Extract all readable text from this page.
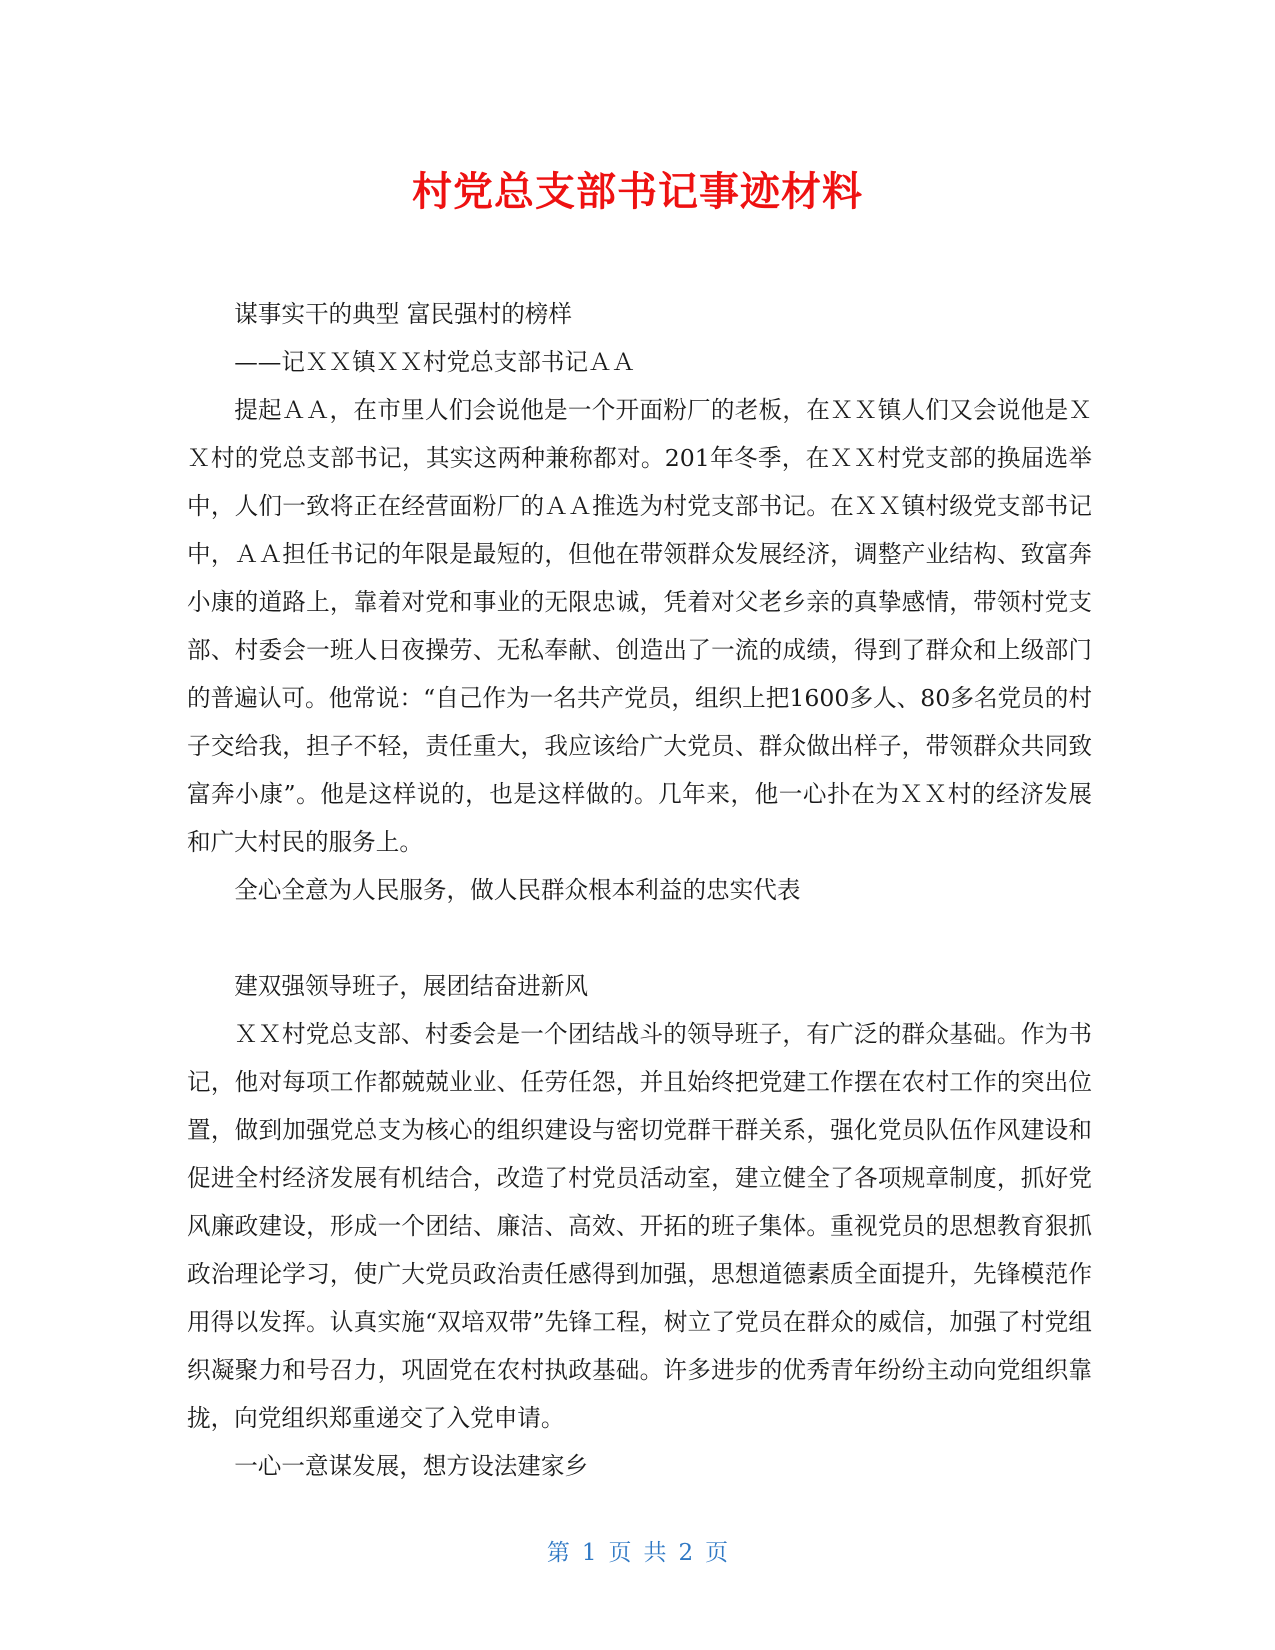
村党总支部书记事迹材料

谋事实干的典型 富民强村的榜样

——记ＸＸ镇ＸＸ村党总支部书记ＡＡ

提起ＡＡ，在市里人们会说他是一个开面粉厂的老板，在ＸＸ镇人们又会说他是ＸＸ村的党总支部书记，其实这两种兼称都对。201年冬季，在ＸＸ村党支部的换届选举中，人们一致将正在经营面粉厂的ＡＡ推选为村党支部书记。在ＸＸ镇村级党支部书记中，ＡＡ担任书记的年限是最短的，但他在带领群众发展经济，调整产业结构、致富奔小康的道路上，靠着对党和事业的无限忠诚，凭着对父老乡亲的真挚感情，带领村党支部、村委会一班人日夜操劳、无私奉献、创造出了一流的成绩，得到了群众和上级部门的普遍认可。他常说：“自己作为一名共产党员，组织上把1600多人、80多名党员的村子交给我，担子不轻，责任重大，我应该给广大党员、群众做出样子，带领群众共同致富奔小康”。他是这样说的，也是这样做的。几年来，他一心扑在为ＸＸ村的经济发展和广大村民的服务上。

全心全意为人民服务，做人民群众根本利益的忠实代表

建双强领导班子，展团结奋进新风

ＸＸ村党总支部、村委会是一个团结战斗的领导班子，有广泛的群众基础。作为书记，他对每项工作都兢兢业业、任劳任怨，并且始终把党建工作摆在农村工作的突出位置，做到加强党总支为核心的组织建设与密切党群干群关系，强化党员队伍作风建设和促进全村经济发展有机结合，改造了村党员活动室，建立健全了各项规章制度，抓好党风廉政建设，形成一个团结、廉洁、高效、开拓的班子集体。重视党员的思想教育狠抓政治理论学习，使广大党员政治责任感得到加强，思想道德素质全面提升，先锋模范作用得以发挥。认真实施“双培双带”先锋工程，树立了党员在群众的威信，加强了村党组织凝聚力和号召力，巩固党在农村执政基础。许多进步的优秀青年纷纷主动向党组织靠拢，向党组织郑重递交了入党申请。

一心一意谋发展，想方设法建家乡

第 1 页 共 2 页
